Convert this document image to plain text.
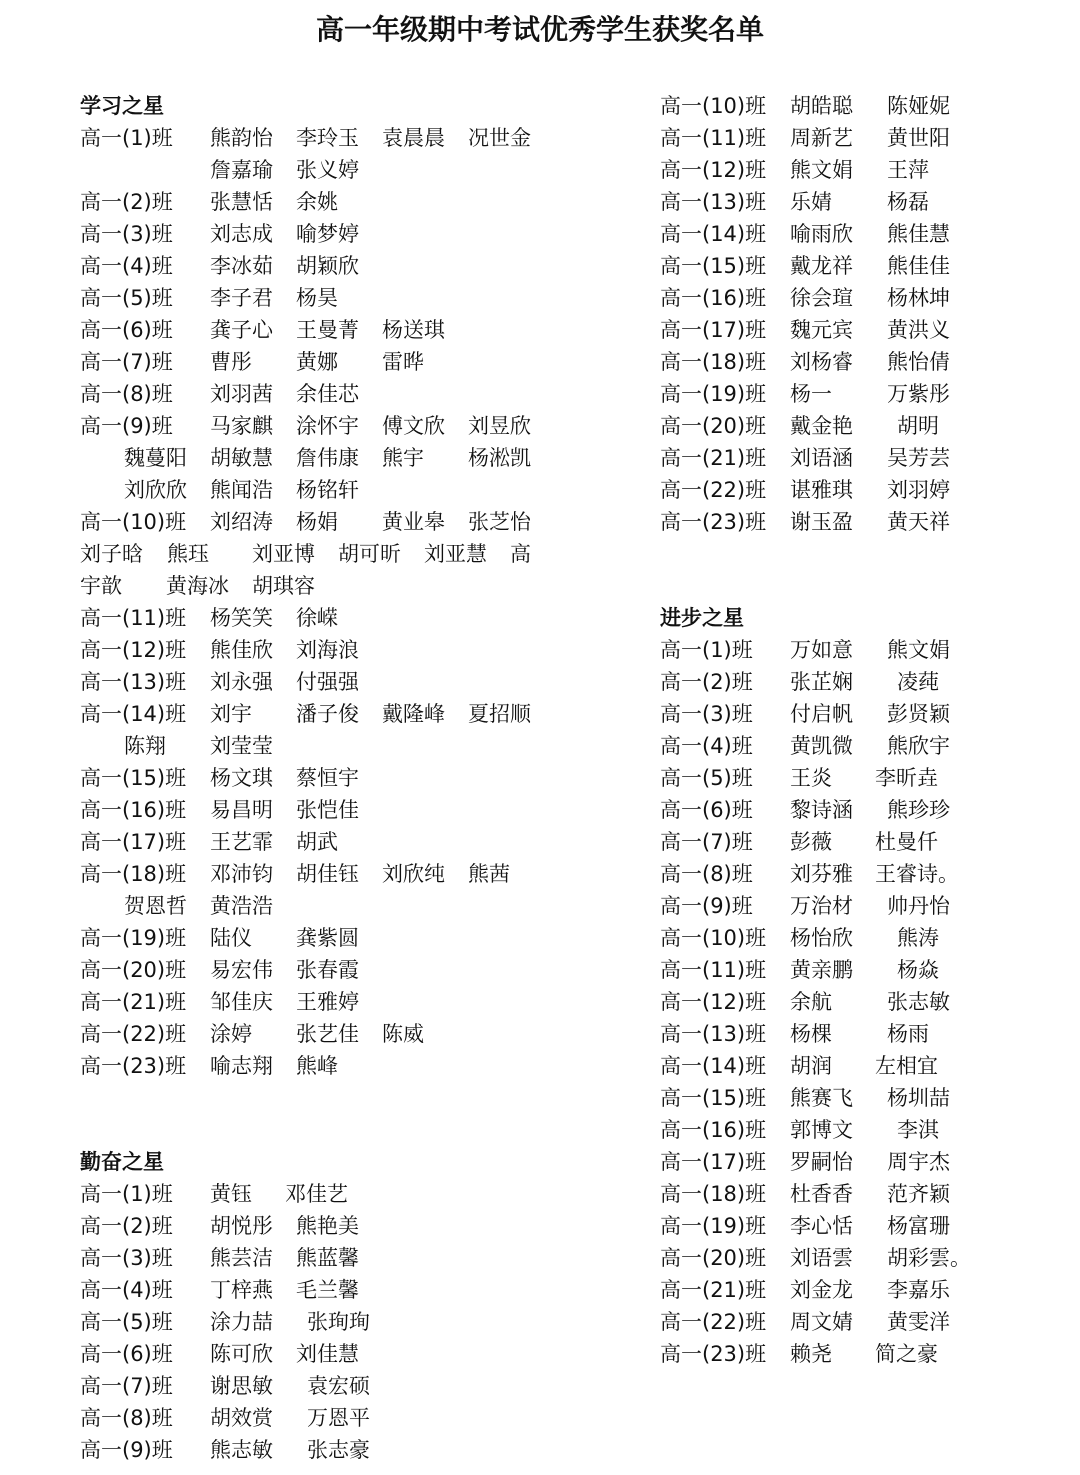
高一年级期中考试优秀学生获奖名单
学习之星
高一(1)班 熊韵怡 李玲玉 袁晨晨 况世金
詹嘉瑜 张义婷
高一(2)班 张慧恬 余姚
高一(3)班 刘志成 喻梦婷
高一(4)班 李冰茹 胡颖欣
高一(5)班 李子君 杨昊
高一(6)班 龚子心 王曼菁 杨送琪
高一(7)班 曹彤 黄娜 雷晔
高一(8)班 刘羽茜 余佳芯
高一(9)班 马家麒 涂怀宇 傅文欣 刘昱欣
魏蔓阳 胡敏慧 詹伟康 熊宇 杨淞凯
刘欣欣 熊闻浩 杨铭轩
高一(10)班 刘绍涛 杨娟 黄业皋 张芝怡
刘子晗 熊珏 刘亚博 胡可昕 刘亚慧 高
宇歆 黄海冰 胡琪容
高一(11)班 杨笑笑 徐嵘
高一(12)班 熊佳欣 刘海浪
高一(13)班 刘永强 付强强
高一(14)班 刘宇 潘子俊 戴隆峰 夏招顺
陈翔 刘莹莹
高一(15)班 杨文琪 蔡恒宇
高一(16)班 易昌明 张恺佳
高一(17)班 王艺霏 胡武
高一(18)班 邓沛钧 胡佳钰 刘欣纯 熊茜
贺恩哲 黄浩浩
高一(19)班 陆仪 龚紫圆
高一(20)班 易宏伟 张春霞
高一(21)班 邹佳庆 王雅婷
高一(22)班 涂婷 张艺佳 陈威
高一(23)班 喻志翔 熊峰
勤奋之星
高一(1)班 黄钰 邓佳艺
高一(2)班 胡悦彤 熊艳美
高一(3)班 熊芸洁 熊蓝馨
高一(4)班 丁梓燕 毛兰馨
高一(5)班 涂力喆 张珣珣
高一(6)班 陈可欣 刘佳慧
高一(7)班 谢思敏 袁宏硕
高一(8)班 胡效赏 万恩平
高一(9)班 熊志敏 张志豪
高一(10)班 胡皓聪 陈娅妮
高一(11)班 周新艺 黄世阳
高一(12)班 熊文娟 王萍
高一(13)班 乐婧	杨磊
高一(14)班 喻雨欣 熊佳慧
高一(15)班 戴龙祥 熊佳佳
高一(16)班 徐会瑄 杨林坤
高一(17)班 魏元宾 黄洪义
高一(18)班 刘杨睿 熊怡倩
高一(19)班 杨一	万紫彤
高一(20)班 戴金艳 胡明
高一(21)班 刘语涵 吴芳芸
高一(22)班 谌雅琪 刘羽婷
高一(23)班 谢玉盈 黄天祥
进步之星
高一(1)班 万如意 熊文娟
高一(2)班 张芷娴 凌莼
高一(3)班 付启帆 彭贤颖
高一(4)班 黄凯微 熊欣宇
高一(5)班 王炎 李昕垚
高一(6)班 黎诗涵 熊珍珍
高一(7)班 彭薇 杜曼仟
高一(8)班 刘芬雅 王睿诗。
高一(9)班 万治材 帅丹怡
高一(10)班 杨怡欣 熊涛
高一(11)班 黄亲鹏 杨焱
高一(12)班 余航	张志敏
高一(13)班 杨棵	杨雨
高一(14)班 胡润 左相宜
高一(15)班 熊赛飞 杨圳喆
高一(16)班 郭博文 李淇
高一(17)班 罗嗣怡 周宇杰
高一(18)班 杜香香 范齐颖
高一(19)班 李心恬 杨富珊
高一(20)班 刘语雲 胡彩雲。
高一(21)班 刘金龙 李嘉乐
高一(22)班 周文婧 黄雯洋
高一(23)班 赖尧 简之豪
